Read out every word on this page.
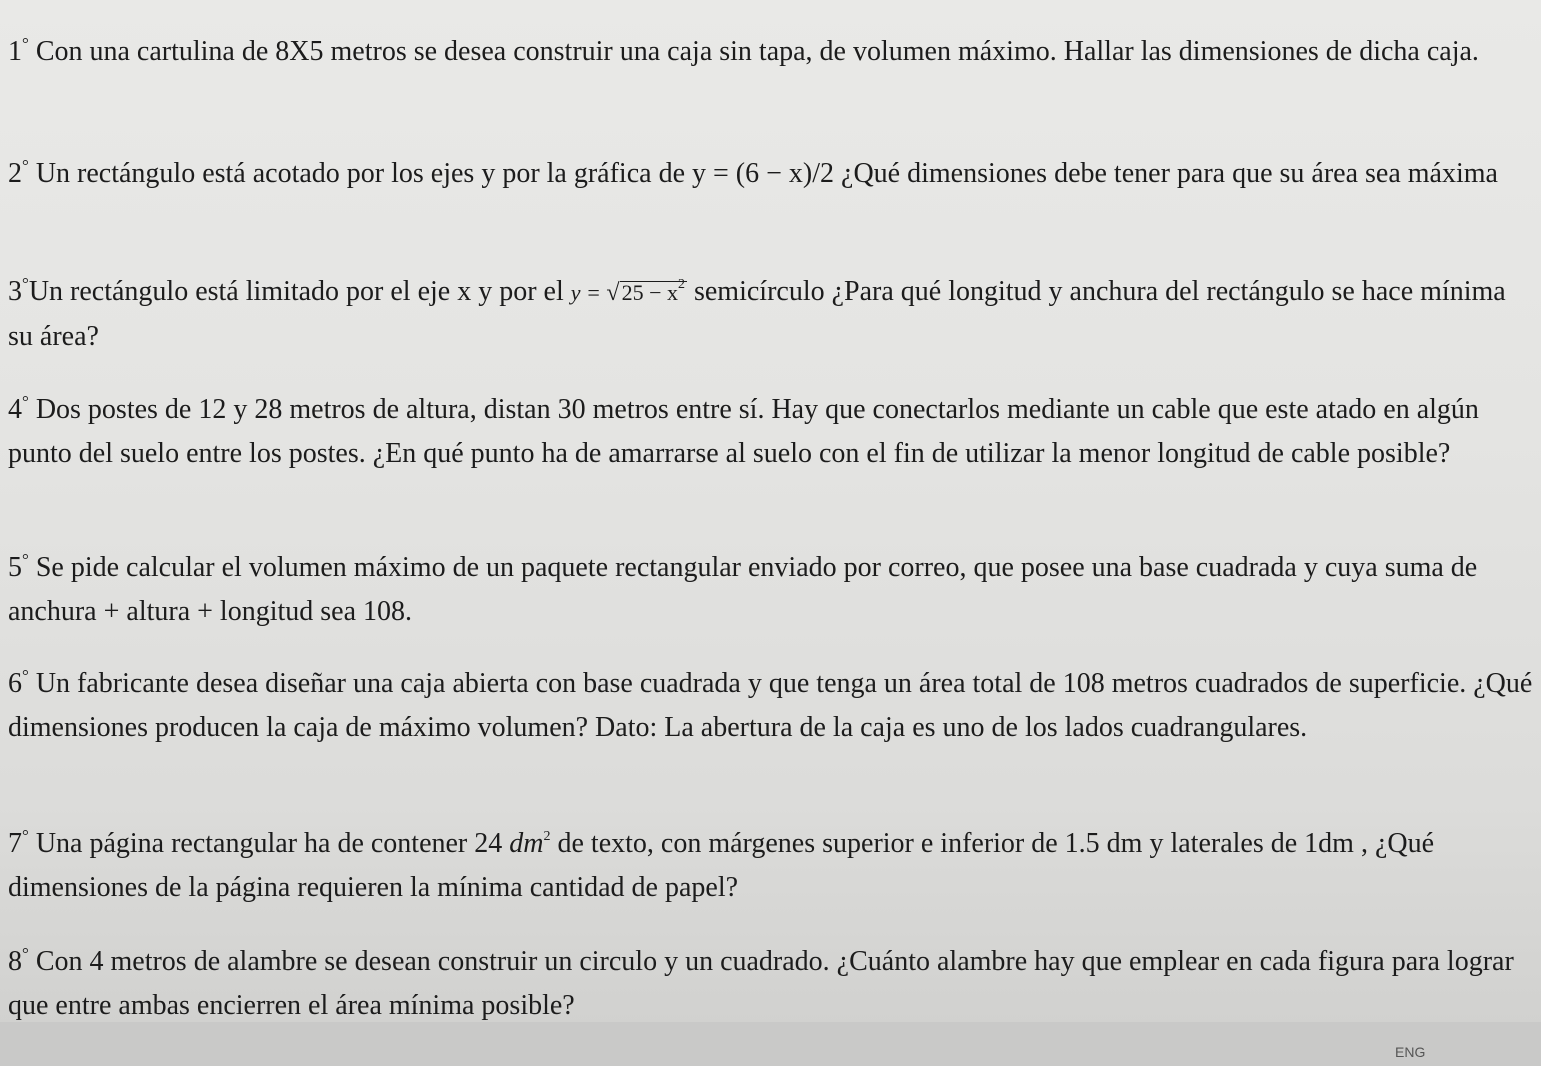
1° Con una cartulina de 8X5 metros se desea construir una caja sin tapa, de volumen máximo. Hallar las dimensiones de dicha caja.

2° Un rectángulo está acotado por los ejes y por la gráfica de y = (6 − x)/2 ¿Qué dimensiones debe tener para que su área sea máxima

3°Un rectángulo está limitado por el eje x y por el $y = √25 - x^2$ semicírculo ¿Para qué longitud y anchura del rectángulo se hace mínima su área?

4° Dos postes de 12 y 28 metros de altura, distan 30 metros entre sí. Hay que conectarlos mediante un cable que este atado en algún punto del suelo entre los postes. ¿En qué punto ha de amarrarse al suelo con el fin de utilizar la menor longitud de cable posible?

5° Se pide calcular el volumen máximo de un paquete rectangular enviado por correo, que posee una base cuadrada y cuya suma de anchura + altura + longitud sea 108.

6° Un fabricante desea diseñar una caja abierta con base cuadrada y que tenga un área total de 108 metros cuadrados de superficie. ¿Qué dimensiones producen la caja de máximo volumen? Dato: La abertura de la caja es uno de los lados cuadrangulares.

7° Una página rectangular ha de contener 24 $dm^2$ de texto, con márgenes superior e inferior de 1.5 dm y laterales de 1dm , ¿Qué dimensiones de la página requieren la mínima cantidad de papel?

8° Con 4 metros de alambre se desean construir un circulo y un cuadrado. ¿Cuánto alambre hay que emplear en cada figura para lograr que entre ambas encierren el área mínima posible?

ENG
